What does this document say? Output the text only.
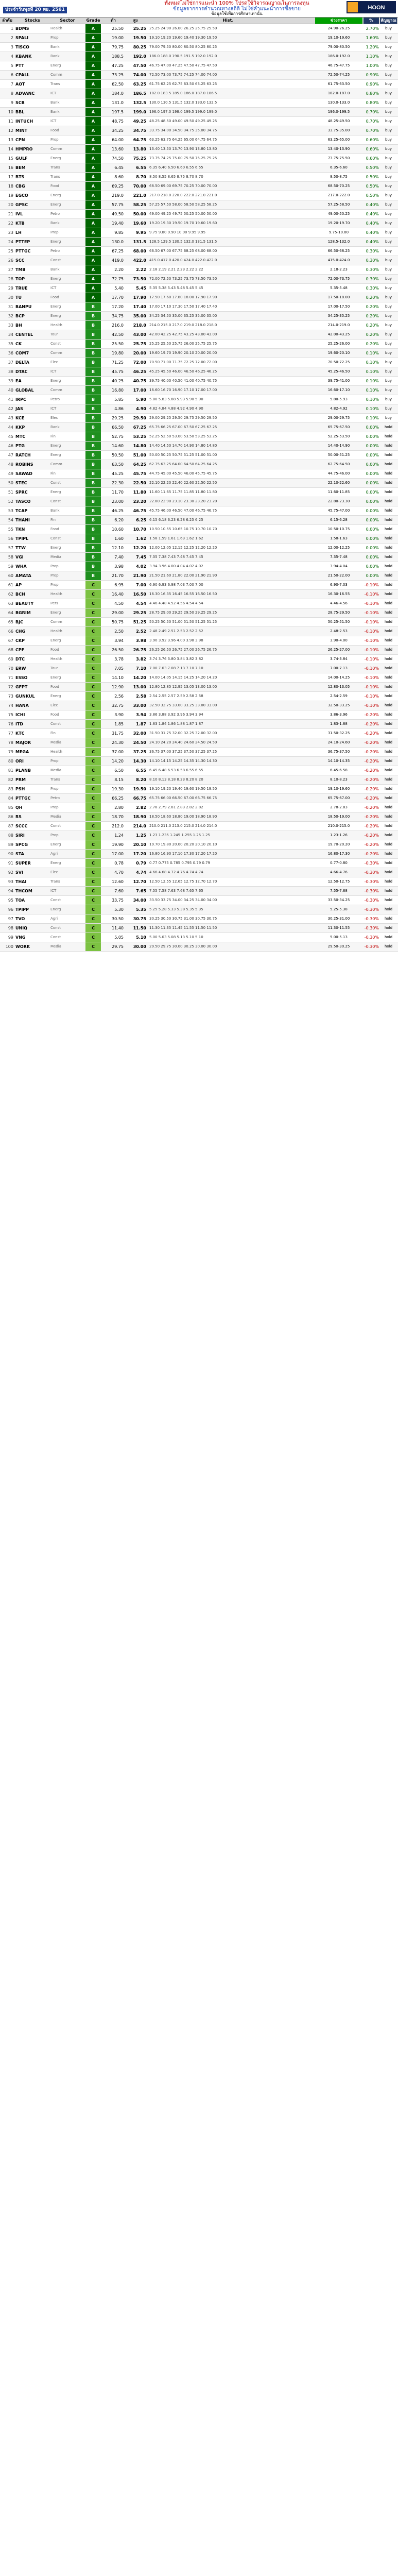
ประจำวันพุธที่ 20 พย. 2561
ทั้งหมดไม่ใช่การแนะนำ 100% โปรดใช้วิจารณญาณในการลงทุน
ข้อมูลจากการคำนวณทางสถิติ ไม่ใช่คำแนะนำการซื้อขาย
ข้อมูลใช้เพื่อการศึกษาเท่านั้น
HOON
ลำดับ	Stocks	Sector	Grade	ต่ำ	สูง	Hist.	ช่วงราคา	%	สัญญาณ
1 BDMS	Health	A	25.50	25.25 25.25 24.90 26.00 26.25 25.75 25.50	24.90-26.25	2.70%	buy
2 SPALI	Prop	A	19.00	19.50 19.10 19.20 19.60 19.40 19.30 19.50	19.10-19.60	1.60%	buy
3 TISCO	Bank	A	79.75	80.25 79.00 79.50 80.00 80.50 80.25 80.25	79.00-80.50	1.20%	buy
4 KBANK	Bank	A	188.5	192.0 186.0 188.0 190.5 191.5 192.0 192.0	186.0-192.0	1.10%	buy
5 PTT	Energ	A	47.25	47.50 46.75 47.00 47.25 47.50 47.75 47.50	46.75-47.75	1.00%	buy
6 CPALL	Comm	A	73.25	74.00 72.50 73.00 73.75 74.25 74.00 74.00	72.50-74.25	0.90%	buy
7 AOT	Trans	A	62.50	63.25 61.75 62.25 62.75 63.50 63.25 63.25	61.75-63.50	0.90%	buy
8 ADVANC	ICT	A	184.0	186.5 182.0 183.5 185.0 186.0 187.0 186.5	182.0-187.0	0.80%	buy
9 SCB	Bank	A	131.0	132.5 130.0 130.5 131.5 132.0 133.0 132.5	130.0-133.0	0.80%	buy
10 BBL	Bank	A	197.5	199.0 196.0 197.0 198.0 199.5 199.0 199.0	196.0-199.5	0.70%	buy
11 INTUCH	ICT	A	48.75	49.25 48.25 48.50 49.00 49.50 49.25 49.25	48.25-49.50	0.70%	buy
12 MINT	Food	A	34.25	34.75 33.75 34.00 34.50 34.75 35.00 34.75	33.75-35.00	0.70%	buy
13 CPN	Prop	A	64.00	64.75 63.25 63.75 64.25 65.00 64.75 64.75	63.25-65.00	0.60%	buy
14 HMPRO	Comm	A	13.60	13.80 13.40 13.50 13.70 13.90 13.80 13.80	13.40-13.90	0.60%	buy
15 GULF	Energ	A	74.50	75.25 73.75 74.25 75.00 75.50 75.25 75.25	73.75-75.50	0.60%	buy
16 BEM	Trans	A	6.45	6.55 6.35 6.40 6.50 6.60 6.55 6.55	6.35-6.60	0.50%	buy
17 BTS	Trans	A	8.60	8.70 8.50 8.55 8.65 8.75 8.70 8.70	8.50-8.75	0.50%	buy
18 CBG	Food	A	69.25	70.00 68.50 69.00 69.75 70.25 70.00 70.00	68.50-70.25	0.50%	buy
19 EGCO	Energ	A	219.0	221.0 217.0 218.0 220.0 222.0 221.0 221.0	217.0-222.0	0.50%	buy
20 GPSC	Energ	A	57.75	58.25 57.25 57.50 58.00 58.50 58.25 58.25	57.25-58.50	0.40%	buy
21 IVL	Petro	A	49.50	50.00 49.00 49.25 49.75 50.25 50.00 50.00	49.00-50.25	0.40%	buy
22 KTB	Bank	A	19.40	19.60 19.20 19.30 19.50 19.70 19.60 19.60	19.20-19.70	0.40%	buy
23 LH	Prop	A	9.85	9.95 9.75 9.80 9.90 10.00 9.95 9.95	9.75-10.00	0.40%	buy
24 PTTEP	Energ	A	130.0	131.5 128.5 129.5 130.5 132.0 131.5 131.5	128.5-132.0	0.40%	buy
25 PTTGC	Petro	A	67.25	68.00 66.50 67.00 67.75 68.25 68.00 68.00	66.50-68.25	0.30%	buy
26 SCC	Const	A	419.0	422.0 415.0 417.0 420.0 424.0 422.0 422.0	415.0-424.0	0.30%	buy
27 TMB	Bank	A	2.20	2.22 2.18 2.19 2.21 2.23 2.22 2.22	2.18-2.23	0.30%	buy
28 TOP	Energ	A	72.75	73.50 72.00 72.50 73.25 73.75 73.50 73.50	72.00-73.75	0.30%	buy
29 TRUE	ICT	A	5.40	5.45 5.35 5.38 5.43 5.48 5.45 5.45	5.35-5.48	0.30%	buy
30 TU	Food	A	17.70	17.90 17.50 17.60 17.80 18.00 17.90 17.90	17.50-18.00	0.20%	buy
31 BANPU	Energ	B	17.20	17.40 17.00 17.10 17.30 17.50 17.40 17.40	17.00-17.50	0.20%	buy
32 BCP	Energ	B	34.75	35.00 34.25 34.50 35.00 35.25 35.00 35.00	34.25-35.25	0.20%	buy
33 BH	Health	B	216.0	218.0 214.0 215.0 217.0 219.0 218.0 218.0	214.0-219.0	0.20%	buy
34 CENTEL	Tour	B	42.50	43.00 42.00 42.25 42.75 43.25 43.00 43.00	42.00-43.25	0.20%	buy
35 CK	Const	B	25.50	25.75 25.25 25.50 25.75 26.00 25.75 25.75	25.25-26.00	0.20%	buy
36 COM7	Comm	B	19.80	20.00 19.60 19.70 19.90 20.10 20.00 20.00	19.60-20.10	0.10%	buy
37 DELTA	Elec	B	71.25	72.00 70.50 71.00 71.75 72.25 72.00 72.00	70.50-72.25	0.10%	buy
38 DTAC	ICT	B	45.75	46.25 45.25 45.50 46.00 46.50 46.25 46.25	45.25-46.50	0.10%	buy
39 EA	Energ	B	40.25	40.75 39.75 40.00 40.50 41.00 40.75 40.75	39.75-41.00	0.10%	buy
40 GLOBAL	Comm	B	16.80	17.00 16.60 16.70 16.90 17.10 17.00 17.00	16.60-17.10	0.10%	buy
41 IRPC	Petro	B	5.85	5.90 5.80 5.83 5.88 5.93 5.90 5.90	5.80-5.93	0.10%	buy
42 JAS	ICT	B	4.86	4.90 4.82 4.84 4.88 4.92 4.90 4.90	4.82-4.92	0.10%	buy
43 KCE	Elec	B	29.25	29.50 29.00 29.25 29.50 29.75 29.50 29.50	29.00-29.75	0.10%	buy
44 KKP	Bank	B	66.50	67.25 65.75 66.25 67.00 67.50 67.25 67.25	65.75-67.50	0.00%	hold
45 MTC	Fin	B	52.75	53.25 52.25 52.50 53.00 53.50 53.25 53.25	52.25-53.50	0.00%	hold
46 PTG	Energ	B	14.60	14.80 14.40 14.50 14.70 14.90 14.80 14.80	14.40-14.90	0.00%	hold
47 RATCH	Energ	B	50.50	51.00 50.00 50.25 50.75 51.25 51.00 51.00	50.00-51.25	0.00%	hold
48 ROBINS	Comm	B	63.50	64.25 62.75 63.25 64.00 64.50 64.25 64.25	62.75-64.50	0.00%	hold
49 SAWAD	Fin	B	45.25	45.75 44.75 45.00 45.50 46.00 45.75 45.75	44.75-46.00	0.00%	hold
50 STEC	Const	B	22.30	22.50 22.10 22.20 22.40 22.60 22.50 22.50	22.10-22.60	0.00%	hold
51 SPRC	Energ	B	11.70	11.80 11.60 11.65 11.75 11.85 11.80 11.80	11.60-11.85	0.00%	hold
52 TASCO	Const	B	23.00	23.20 22.80 22.90 23.10 23.30 23.20 23.20	22.80-23.30	0.00%	hold
53 TCAP	Bank	B	46.25	46.75 45.75 46.00 46.50 47.00 46.75 46.75	45.75-47.00	0.00%	hold
54 THANI	Fin	B	6.20	6.25 6.15 6.18 6.23 6.28 6.25 6.25	6.15-6.28	0.00%	hold
55 TKN	Food	B	10.60	10.70 10.50 10.55 10.65 10.75 10.70 10.70	10.50-10.75	0.00%	hold
56 TPIPL	Const	B	1.60	1.62 1.58 1.59 1.61 1.63 1.62 1.62	1.58-1.63	0.00%	hold
57 TTW	Energ	B	12.10	12.20 12.00 12.05 12.15 12.25 12.20 12.20	12.00-12.25	0.00%	hold
58 VGI	Media	B	7.40	7.45 7.35 7.38 7.43 7.48 7.45 7.45	7.35-7.48	0.00%	hold
59 WHA	Prop	B	3.98	4.02 3.94 3.96 4.00 4.04 4.02 4.02	3.94-4.04	0.00%	hold
60 AMATA	Prop	B	21.70	21.90 21.50 21.60 21.80 22.00 21.90 21.90	21.50-22.00	0.00%	hold
61 AP	Prop	C	6.95	7.00 6.90 6.93 6.98 7.03 7.00 7.00	6.90-7.03	-0.10%	hold
62 BCH	Health	C	16.40	16.50 16.30 16.35 16.45 16.55 16.50 16.50	16.30-16.55	-0.10%	hold
63 BEAUTY	Pers	C	4.50	4.54 4.46 4.48 4.52 4.56 4.54 4.54	4.46-4.56	-0.10%	hold
64 BGRIM	Energ	C	29.00	29.25 28.75 29.00 29.25 29.50 29.25 29.25	28.75-29.50	-0.10%	hold
65 BJC	Comm	C	50.75	51.25 50.25 50.50 51.00 51.50 51.25 51.25	50.25-51.50	-0.10%	hold
66 CHG	Health	C	2.50	2.52 2.48 2.49 2.51 2.53 2.52 2.52	2.48-2.53	-0.10%	hold
67 CKP	Energ	C	3.94	3.98 3.90 3.92 3.96 4.00 3.98 3.98	3.90-4.00	-0.10%	hold
68 CPF	Food	C	26.50	26.75 26.25 26.50 26.75 27.00 26.75 26.75	26.25-27.00	-0.10%	hold
69 DTC	Health	C	3.78	3.82 3.74 3.76 3.80 3.84 3.82 3.82	3.74-3.84	-0.10%	hold
70 ERW	Tour	C	7.05	7.10 7.00 7.03 7.08 7.13 7.10 7.10	7.00-7.13	-0.10%	hold
71 ESSO	Energ	C	14.10	14.20 14.00 14.05 14.15 14.25 14.20 14.20	14.00-14.25	-0.10%	hold
72 GFPT	Food	C	12.90	13.00 12.80 12.85 12.95 13.05 13.00 13.00	12.80-13.05	-0.10%	hold
73 GUNKUL	Energ	C	2.56	2.58 2.54 2.55 2.57 2.59 2.58 2.58	2.54-2.59	-0.10%	hold
74 HANA	Elec	C	32.75	33.00 32.50 32.75 33.00 33.25 33.00 33.00	32.50-33.25	-0.10%	hold
75 ICHI	Food	C	3.90	3.94 3.86 3.88 3.92 3.96 3.94 3.94	3.86-3.96	-0.20%	hold
76 ITD	Const	C	1.85	1.87 1.83 1.84 1.86 1.88 1.87 1.87	1.83-1.88	-0.20%	hold
77 KTC	Fin	C	31.75	32.00 31.50 31.75 32.00 32.25 32.00 32.00	31.50-32.25	-0.20%	hold
78 MAJOR	Media	C	24.30	24.50 24.10 24.20 24.40 24.60 24.50 24.50	24.10-24.60	-0.20%	hold
79 MEGA	Health	C	37.00	37.25 36.75 37.00 37.25 37.50 37.25 37.25	36.75-37.50	-0.20%	hold
80 ORI	Prop	C	14.20	14.30 14.10 14.15 14.25 14.35 14.30 14.30	14.10-14.35	-0.20%	hold
81 PLANB	Media	C	6.50	6.55 6.45 6.48 6.53 6.58 6.55 6.55	6.45-6.58	-0.20%	hold
82 PRM	Trans	C	8.15	8.20 8.10 8.13 8.18 8.23 8.20 8.20	8.10-8.23	-0.20%	hold
83 PSH	Prop	C	19.30	19.50 19.10 19.20 19.40 19.60 19.50 19.50	19.10-19.60	-0.20%	hold
84 PTTGC	Petro	C	66.25	66.75 65.75 66.00 66.50 67.00 66.75 66.75	65.75-67.00	-0.20%	hold
85 QH	Prop	C	2.80	2.82 2.78 2.79 2.81 2.83 2.82 2.82	2.78-2.83	-0.20%	hold
86 RS	Media	C	18.70	18.90 18.50 18.60 18.80 19.00 18.90 18.90	18.50-19.00	-0.20%	hold
87 SCCC	Const	C	212.0	214.0 210.0 211.0 213.0 215.0 214.0 214.0	210.0-215.0	-0.20%	hold
88 SIRI	Prop	C	1.24	1.25 1.23 1.235 1.245 1.255 1.25 1.25	1.23-1.26	-0.20%	hold
89 SPCG	Energ	C	19.90	20.10 19.70 19.80 20.00 20.20 20.10 20.10	19.70-20.20	-0.20%	hold
90 STA	Agri	C	17.00	17.20 16.80 16.90 17.10 17.30 17.20 17.20	16.80-17.30	-0.20%	hold
91 SUPER	Energ	C	0.78	0.79 0.77 0.775 0.785 0.795 0.79 0.79	0.77-0.80	-0.30%	hold
92 SVI	Elec	C	4.70	4.74 4.66 4.68 4.72 4.76 4.74 4.74	4.66-4.76	-0.30%	hold
93 THAI	Trans	C	12.60	12.70 12.50 12.55 12.65 12.75 12.70 12.70	12.50-12.75	-0.30%	hold
94 THCOM	ICT	C	7.60	7.65 7.55 7.58 7.63 7.68 7.65 7.65	7.55-7.68	-0.30%	hold
95 TOA	Const	C	33.75	34.00 33.50 33.75 34.00 34.25 34.00 34.00	33.50-34.25	-0.30%	hold
96 TPIPP	Energ	C	5.30	5.35 5.25 5.28 5.33 5.38 5.35 5.35	5.25-5.38	-0.30%	hold
97 TVO	Agri	C	30.50	30.75 30.25 30.50 30.75 31.00 30.75 30.75	30.25-31.00	-0.30%	hold
98 UNIQ	Const	C	11.40	11.50 11.30 11.35 11.45 11.55 11.50 11.50	11.30-11.55	-0.30%	hold
99 VNG	Const	C	5.05	5.10 5.00 5.03 5.08 5.13 5.10 5.10	5.00-5.13	-0.30%	hold
100 WORK	Media	C	29.75	30.00 29.50 29.75 30.00 30.25 30.00 30.00	29.50-30.25	-0.30%	hold
